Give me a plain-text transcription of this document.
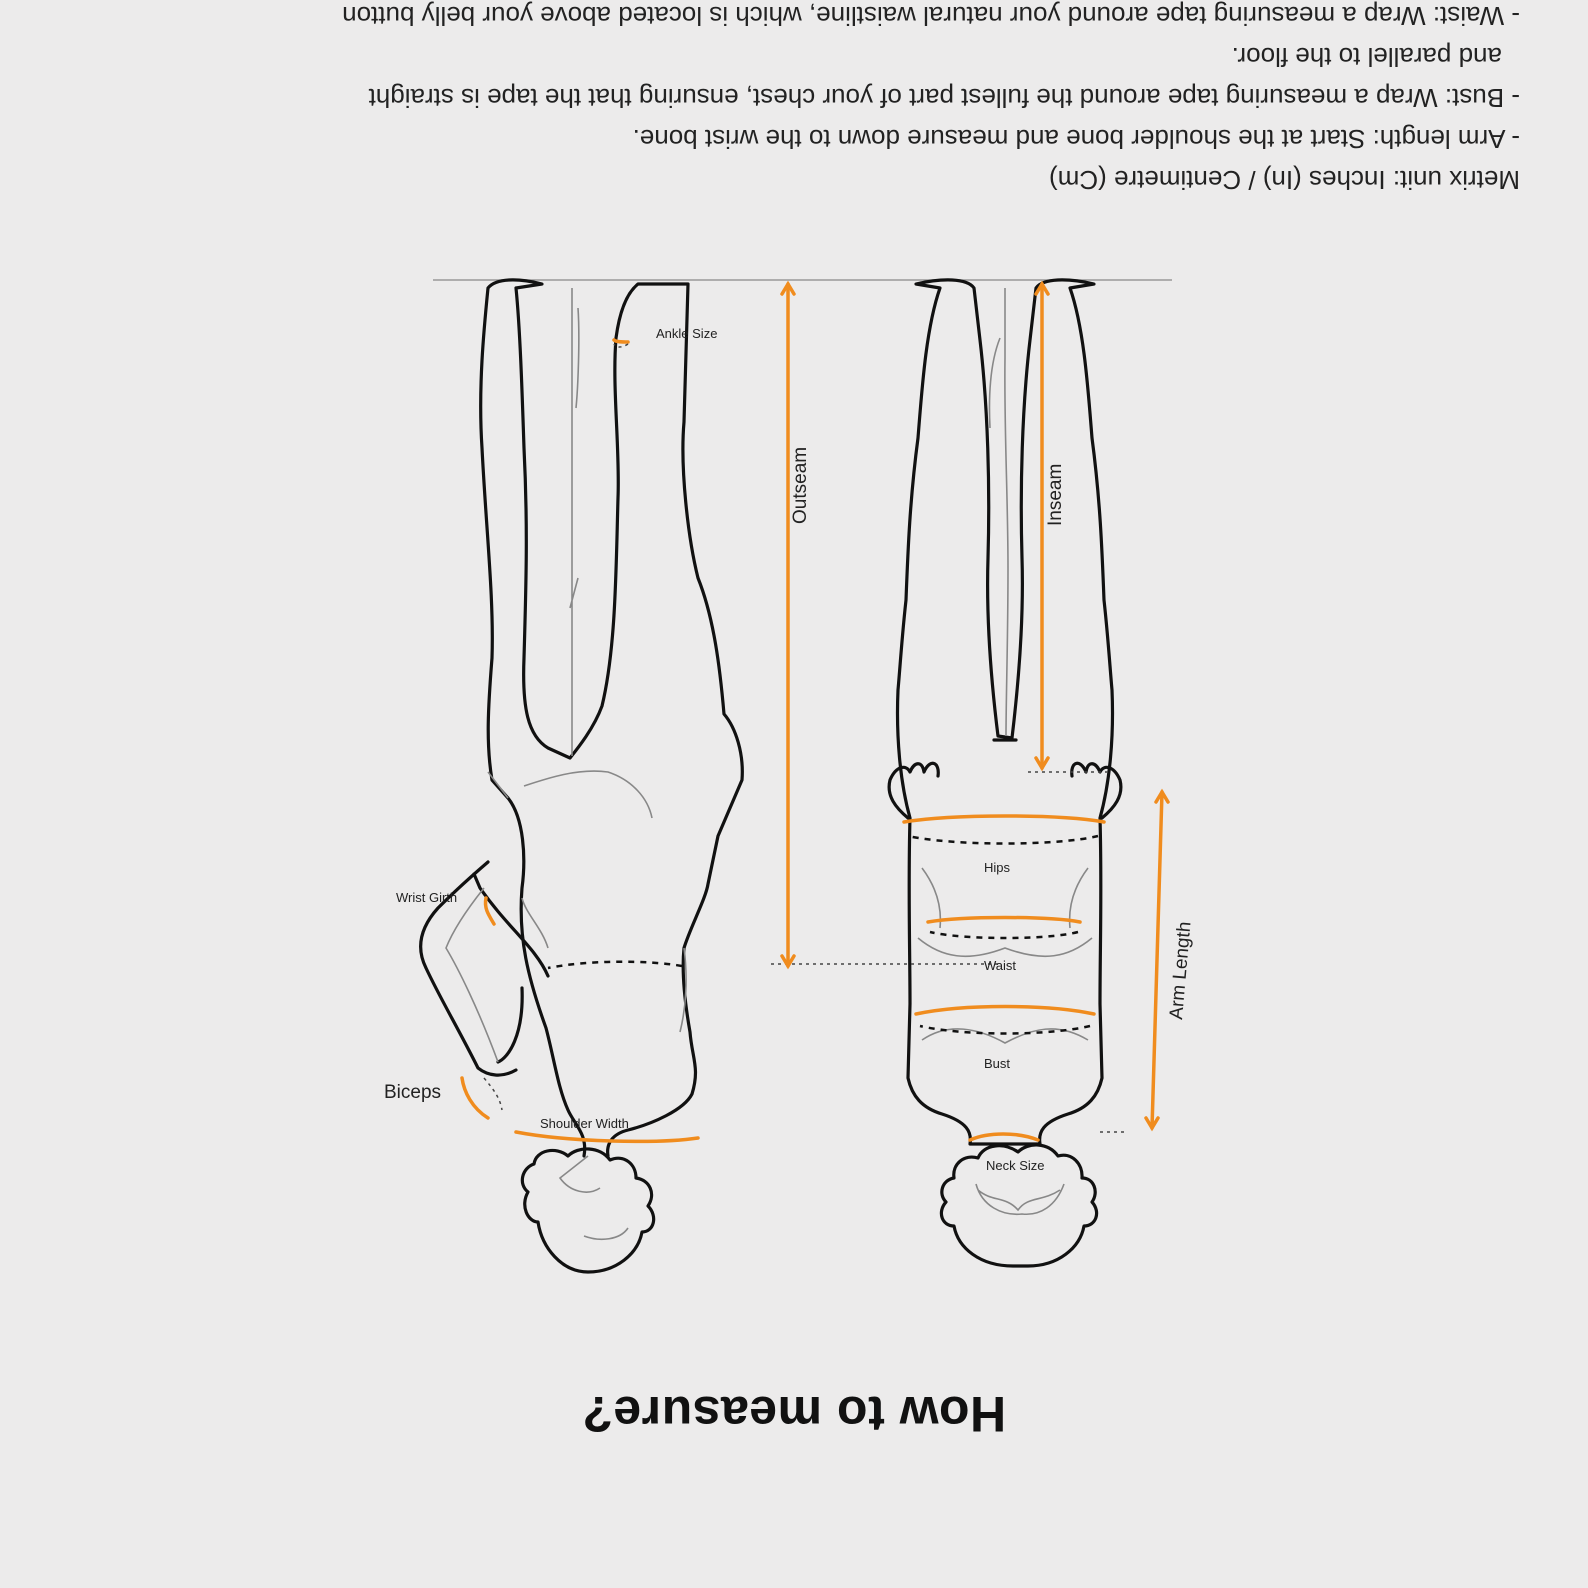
How to measure?
Neck Size
Bust
Waist
Hips
Arm Length
Inseam
Shoulder Width
Biceps
Wrist Girth
Ankle Size
Outseam

Metrix unit: Inches (In) / Centimetre (Cm)

- Arm length: Start at the shoulder bone and measure down to the wrist bone.

- Bust: Wrap a measuring tape around the fullest part of your chest, ensuring that the tape is straight

and parallel to the floor.

- Waist: Wrap a measuring tape around your natural waistline, which is located above your belly button
